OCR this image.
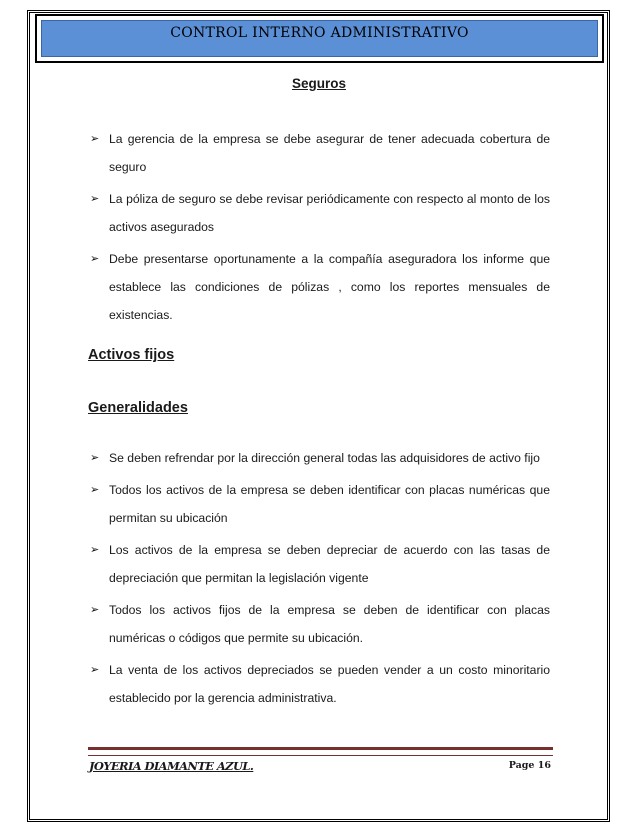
CONTROL INTERNO ADMINISTRATIVO
Seguros
➢ La gerencia de la empresa se debe asegurar de tener adecuada cobertura de seguro
➢ La póliza de seguro se debe revisar periódicamente con respecto al monto de los activos asegurados
➢ Debe presentarse oportunamente a la compañía aseguradora los informe que establece las condiciones de pólizas , como los reportes mensuales de existencias.
Activos fijos
Generalidades
➢ Se deben refrendar por la dirección general todas las adquisidores de activo fijo
➢ Todos los activos de la empresa se deben identificar con placas numéricas que permitan su ubicación
➢ Los activos de la empresa se deben depreciar de acuerdo con las tasas de depreciación que permitan la legislación vigente
➢ Todos los activos fijos de la empresa se deben de identificar con placas numéricas o códigos que permite su ubicación.
➢ La venta de los activos depreciados se pueden vender a un costo minoritario establecido por la gerencia administrativa.
JOYERIA DIAMANTE AZUL.	Page 16
